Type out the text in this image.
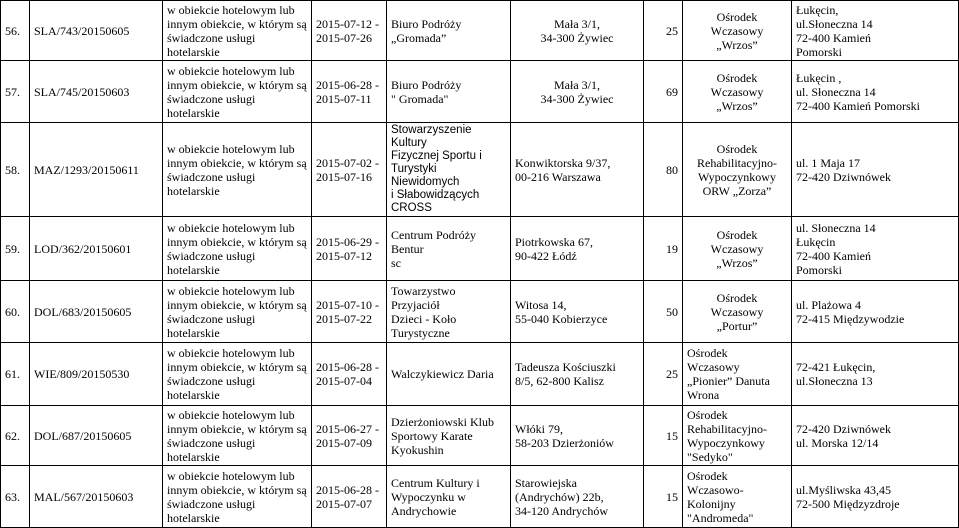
56.	SLA/743/20150605	w obiekcie hotelowym lub
innym obiekcie, w którym są
świadczone usługi hotelarskie	2015-07-12 -
2015-07-26	Biuro Podróży
„Gromada”	Mała 3/1,
34-300 Żywiec	25	Ośrodek
Wczasowy
„Wrzos”	Łukęcin,
ul.Słoneczna 14
72-400 Kamień
Pomorski
57.	SLA/745/20150603	w obiekcie hotelowym lub
innym obiekcie, w którym są
świadczone usługi hotelarskie	2015-06-28 -
2015-07-11	Biuro Podróży
" Gromada"	Mała 3/1,
34-300 Żywiec	69	Ośrodek
Wczasowy
„Wrzos”	Łukęcin ,
ul. Słoneczna 14
72-400 Kamień Pomorski
58.	MAZ/1293/20150611	w obiekcie hotelowym lub
innym obiekcie, w którym są
świadczone usługi hotelarskie	2015-07-02 -
2015-07-16	Stowarzyszenie Kultury
Fizycznej Sportu i
Turystyki Niewidomych
i Słabowidzących
CROSS	Konwiktorska 9/37,
00-216 Warszawa	80	Ośrodek
Rehabilitacyjno-
Wypoczynkowy
ORW „Zorza”	ul. 1 Maja 17
72-420 Dziwnówek
59.	LOD/362/20150601	w obiekcie hotelowym lub
innym obiekcie, w którym są
świadczone usługi hotelarskie	2015-06-29 -
2015-07-12	Centrum Podróży Bentur
sc	Piotrkowska 67,
90-422 Łódź	19	Ośrodek
Wczasowy
„Wrzos”	ul. Słoneczna 14
Łukęcin
72-400 Kamień
Pomorski
60.	DOL/683/20150605	w obiekcie hotelowym lub
innym obiekcie, w którym są
świadczone usługi hotelarskie	2015-07-10 -
2015-07-22	Towarzystwo Przyjaciół
Dzieci - Koło
Turystyczne	Witosa 14,
55-040 Kobierzyce	50	Ośrodek
Wczasowy
„Portur”	ul. Plażowa 4
72-415 Międzywodzie
61.	WIE/809/20150530	w obiekcie hotelowym lub
innym obiekcie, w którym są
świadczone usługi hotelarskie	2015-06-28 -
2015-07-04	Walczykiewicz Daria	Tadeusza Kościuszki
8/5, 62-800 Kalisz	25	Ośrodek
Wczasowy
„Pionier” Danuta
Wrona	72-421 Łukęcin,
ul.Słoneczna 13
62.	DOL/687/20150605	w obiekcie hotelowym lub
innym obiekcie, w którym są
świadczone usługi hotelarskie	2015-06-27 -
2015-07-09	Dzierżoniowski Klub
Sportowy Karate
Kyokushin	Włóki 79,
58-203 Dzierżoniów	15	Ośrodek
Rehabilitacyjno-
Wypoczynkowy
"Sedyko"	72-420 Dziwnówek
ul. Morska 12/14
63.	MAL/567/20150603	w obiekcie hotelowym lub
innym obiekcie, w którym są
świadczone usługi hotelarskie	2015-06-28 -
2015-07-07	Centrum Kultury i
Wypoczynku w
Andrychowie	Starowiejska
(Andrychów) 22b,
34-120 Andrychów	15	Ośrodek
Wczasowo-
Kolonijny
"Andromeda"	ul.Myśliwska 43,45
72-500 Międzyzdroje
